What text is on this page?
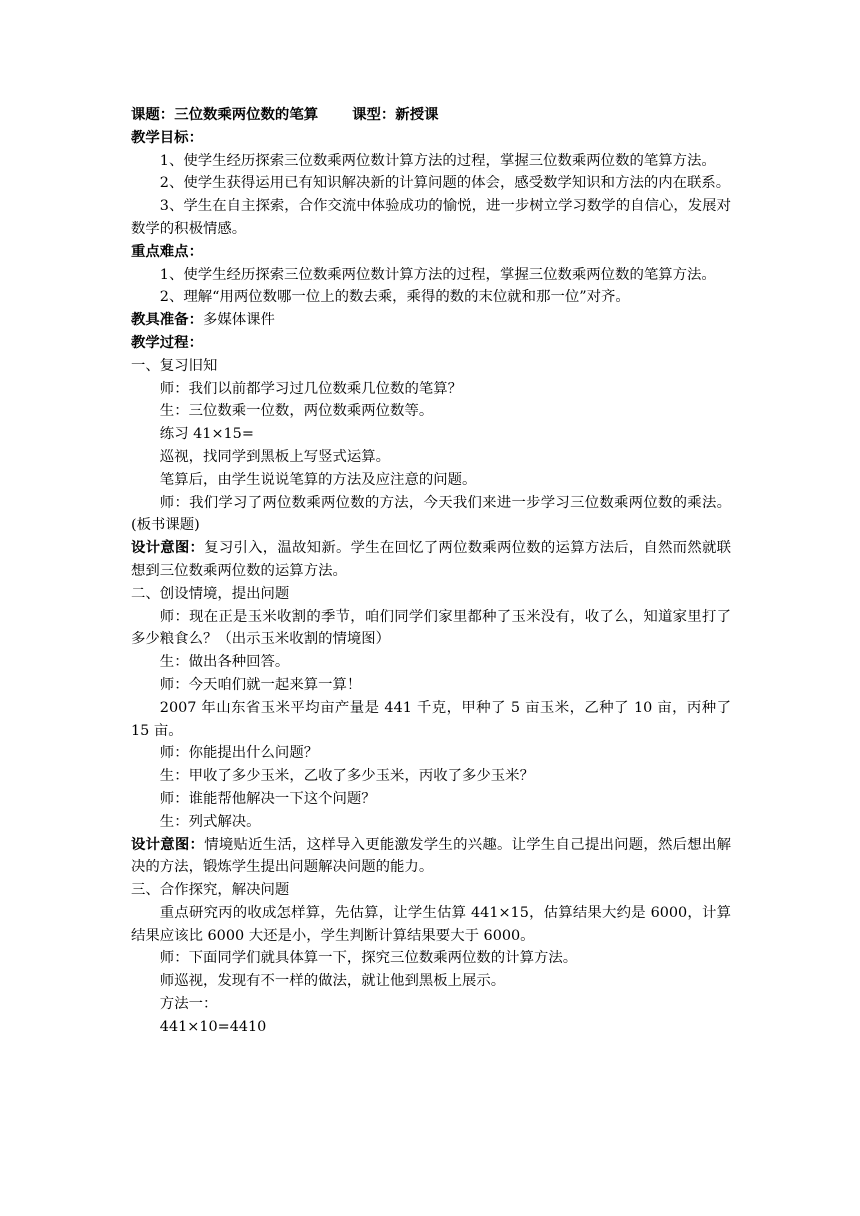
课题：三位数乘两位数的笔算 课型：新授课
教学目标：
1、使学生经历探索三位数乘两位数计算方法的过程，掌握三位数乘两位数的笔算方法。
2、使学生获得运用已有知识解决新的计算问题的体会，感受数学知识和方法的内在联系。
3、学生在自主探索，合作交流中体验成功的愉悦，进一步树立学习数学的自信心，发展对数学的积极情感。
重点难点：
1、使学生经历探索三位数乘两位数计算方法的过程，掌握三位数乘两位数的笔算方法。
2、理解“用两位数哪一位上的数去乘，乘得的数的末位就和那一位”对齐。
教具准备：多媒体课件
教学过程：
一、复习旧知
师：我们以前都学习过几位数乘几位数的笔算？
生：三位数乘一位数，两位数乘两位数等。
练习 41×15=
巡视，找同学到黑板上写竖式运算。
笔算后，由学生说说笔算的方法及应注意的问题。
师：我们学习了两位数乘两位数的方法，今天我们来进一步学习三位数乘两位数的乘法。(板书课题)
设计意图：复习引入，温故知新。学生在回忆了两位数乘两位数的运算方法后，自然而然就联想到三位数乘两位数的运算方法。
二、创设情境，提出问题
师：现在正是玉米收割的季节，咱们同学们家里都种了玉米没有，收了么，知道家里打了多少粮食么？（出示玉米收割的情境图）
生：做出各种回答。
师：今天咱们就一起来算一算！
2007 年山东省玉米平均亩产量是 441 千克，甲种了 5 亩玉米，乙种了 10 亩，丙种了 15 亩。
师：你能提出什么问题？
生：甲收了多少玉米，乙收了多少玉米，丙收了多少玉米？
师：谁能帮他解决一下这个问题？
生：列式解决。
设计意图：情境贴近生活，这样导入更能激发学生的兴趣。让学生自己提出问题，然后想出解决的方法，锻炼学生提出问题解决问题的能力。
三、合作探究，解决问题
重点研究丙的收成怎样算，先估算，让学生估算 441×15，估算结果大约是 6000，计算结果应该比 6000 大还是小，学生判断计算结果要大于 6000。
师：下面同学们就具体算一下，探究三位数乘两位数的计算方法。
师巡视，发现有不一样的做法，就让他到黑板上展示。
方法一：
441×10=4410
